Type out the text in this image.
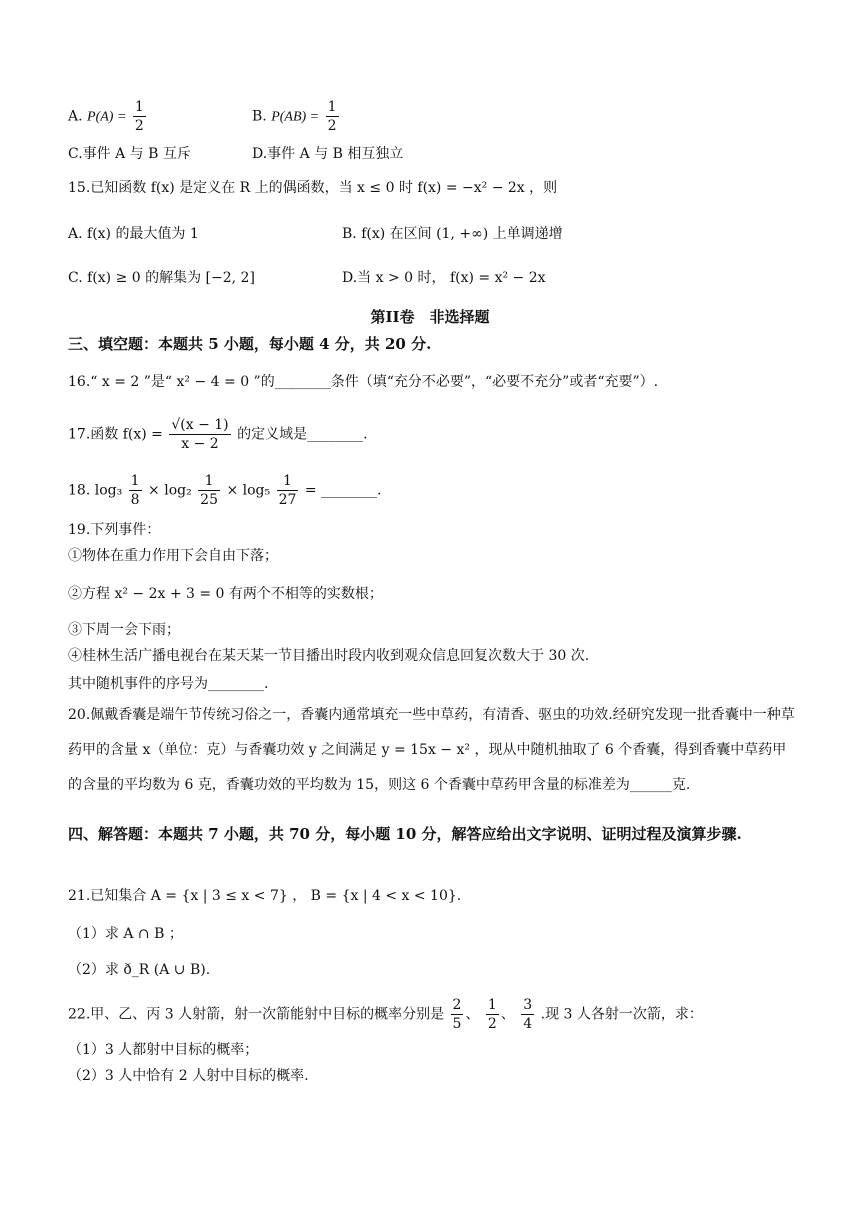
A. $P(A) = \frac{1}{2}$	B. $P(AB) = \frac{1}{2}$
C.事件 A 与 B 互斥	D.事件 A 与 B 相互独立
15.已知函数 f(x) 是定义在 R 上的偶函数，当 x ≤ 0 时 f(x) = −x² − 2x ，则
A. f(x) 的最大值为 1	B. f(x) 在区间 (1, +∞) 上单调递增
C. f(x) ≥ 0 的解集为 [−2, 2]	D.当 x > 0 时， f(x) = x² − 2x
第II卷　非选择题
三、填空题：本题共 5 小题，每小题 4 分，共 20 分.
16.“ x = 2 ”是“ x² − 4 = 0 ”的________条件（填“充分不必要”，“必要不充分”或者“充要”）.
17.函数 $f(x) = \frac{√(x - 1)}{x - 2}$ 的定义域是________.
18. $\log_3 \frac{1}{8} \times \log_2 \frac{1}{25} \times \log_5 \frac{1}{27}$ = ________.
19.下列事件：
①物体在重力作用下会自由下落；
②方程 x² − 2x + 3 = 0 有两个不相等的实数根；
③下周一会下雨；
④桂林生活广播电视台在某天某一节目播出时段内收到观众信息回复次数大于 30 次.
其中随机事件的序号为________.
20.佩戴香囊是端午节传统习俗之一，香囊内通常填充一些中草药，有清香、驱虫的功效.经研究发现一批香囊中一种草药甲的含量 x（单位：克）与香囊功效 y 之间满足 y = 15x − x² ，现从中随机抽取了 6 个香囊，得到香囊中草药甲的含量的平均数为 6 克，香囊功效的平均数为 15，则这 6 个香囊中草药甲含量的标准差为______克.
四、解答题：本题共 7 小题，共 70 分，每小题 10 分，解答应给出文字说明、证明过程及演算步骤.
21.已知集合 A = {x | 3 ≤ x < 7} ， B = {x | 4 < x < 10}.
（1）求 A ∩ B ；
（2）求 ð_R (A ∪ B).
22.甲、乙、丙 3 人射箭，射一次箭能射中目标的概率分别是 $\frac{2}{5}$ 、 $\frac{1}{2}$ 、 $\frac{3}{4}$ .现 3 人各射一次箭，求：
（1）3 人都射中目标的概率；
（2）3 人中恰有 2 人射中目标的概率.
